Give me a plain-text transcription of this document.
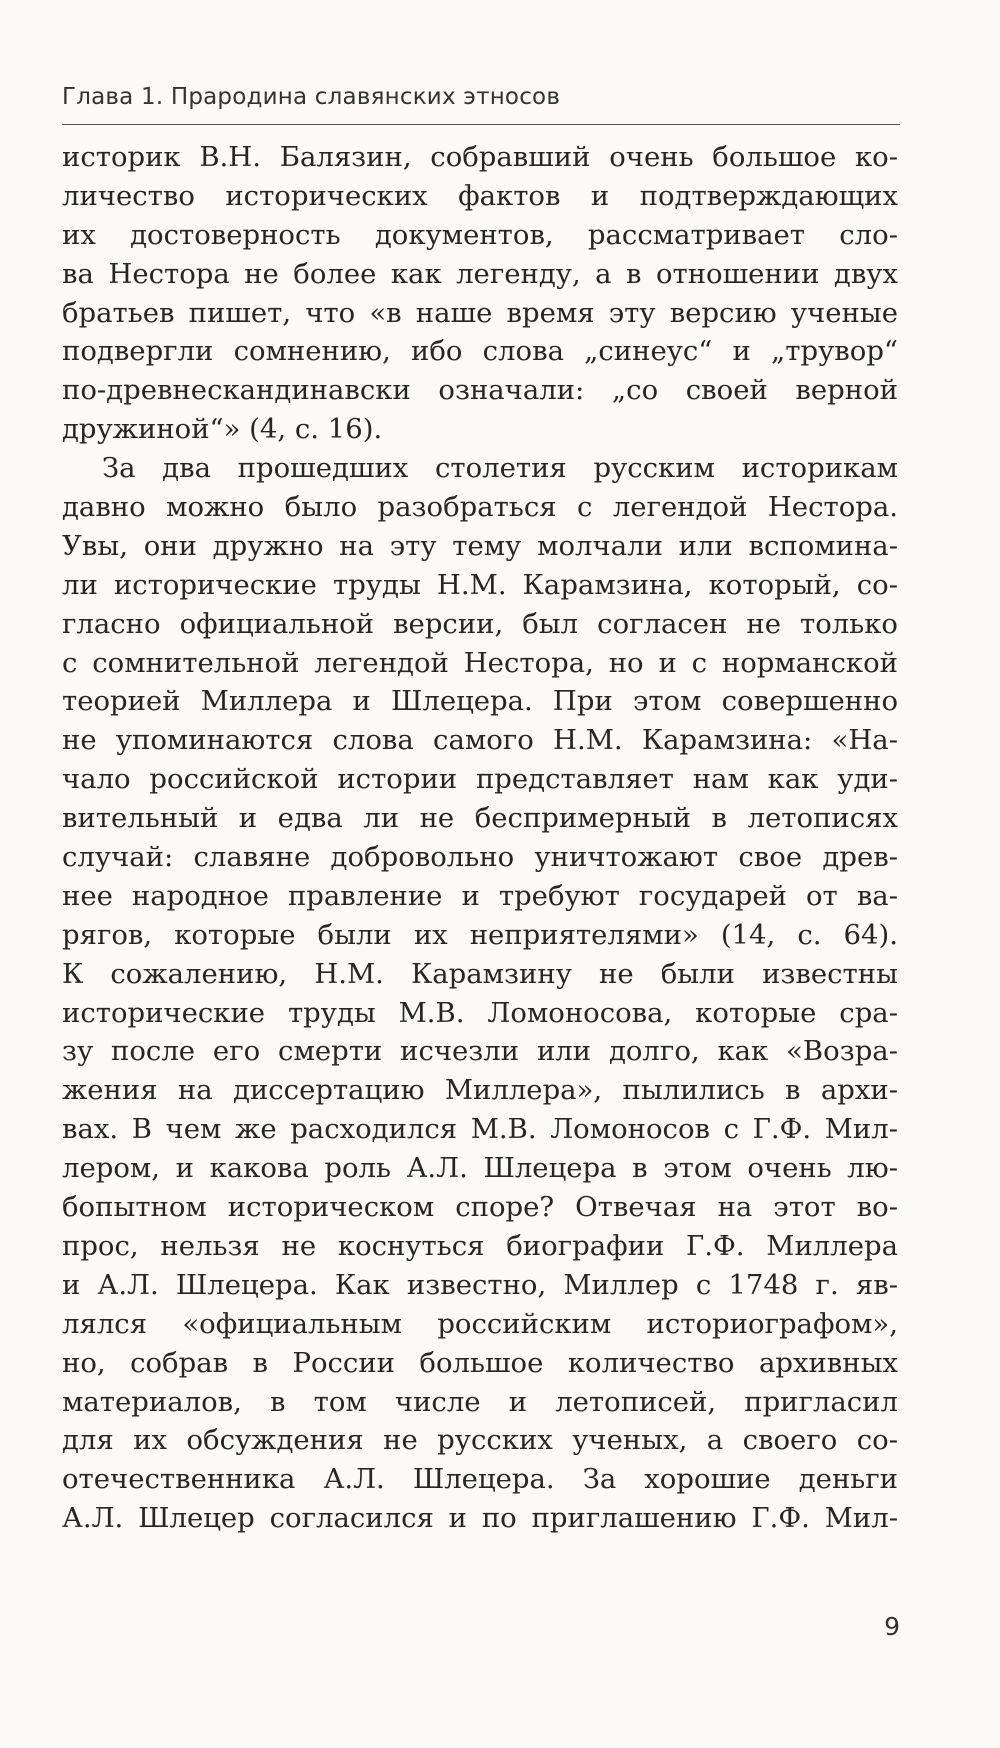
Глава 1. Прародина славянских этносов
историк В.Н. Балязин, собравший очень большое ко-
личество исторических фактов и подтверждающих
их достоверность документов, рассматривает сло-
ва Нестора не более как легенду, а в отношении двух
братьев пишет, что «в наше время эту версию ученые
подвергли сомнению, ибо слова „синеус“ и „трувор“
по-древнескандинавски означали: „со своей верной
дружиной“» (4, с. 16).
За два прошедших столетия русским историкам
давно можно было разобраться с легендой Нестора.
Увы, они дружно на эту тему молчали или вспомина-
ли исторические труды Н.М. Карамзина, который, со-
гласно официальной версии, был согласен не только
с сомнительной легендой Нестора, но и с норманской
теорией Миллера и Шлецера. При этом совершенно
не упоминаются слова самого Н.М. Карамзина: «На-
чало российской истории представляет нам как уди-
вительный и едва ли не беспримерный в летописях
случай: славяне добровольно уничтожают свое древ-
нее народное правление и требуют государей от ва-
рягов, которые были их неприятелями» (14, с. 64).
К сожалению, Н.М. Карамзину не были известны
исторические труды М.В. Ломоносова, которые сра-
зу после его смерти исчезли или долго, как «Возра-
жения на диссертацию Миллера», пылились в архи-
вах. В чем же расходился М.В. Ломоносов с Г.Ф. Мил-
лером, и какова роль А.Л. Шлецера в этом очень лю-
бопытном историческом споре? Отвечая на этот во-
прос, нельзя не коснуться биографии Г.Ф. Миллера
и А.Л. Шлецера. Как известно, Миллер с 1748 г. яв-
лялся «официальным российским историографом»,
но, собрав в России большое количество архивных
материалов, в том числе и летописей, пригласил
для их обсуждения не русских ученых, а своего со-
отечественника А.Л. Шлецера. За хорошие деньги
А.Л. Шлецер согласился и по приглашению Г.Ф. Мил-
9
